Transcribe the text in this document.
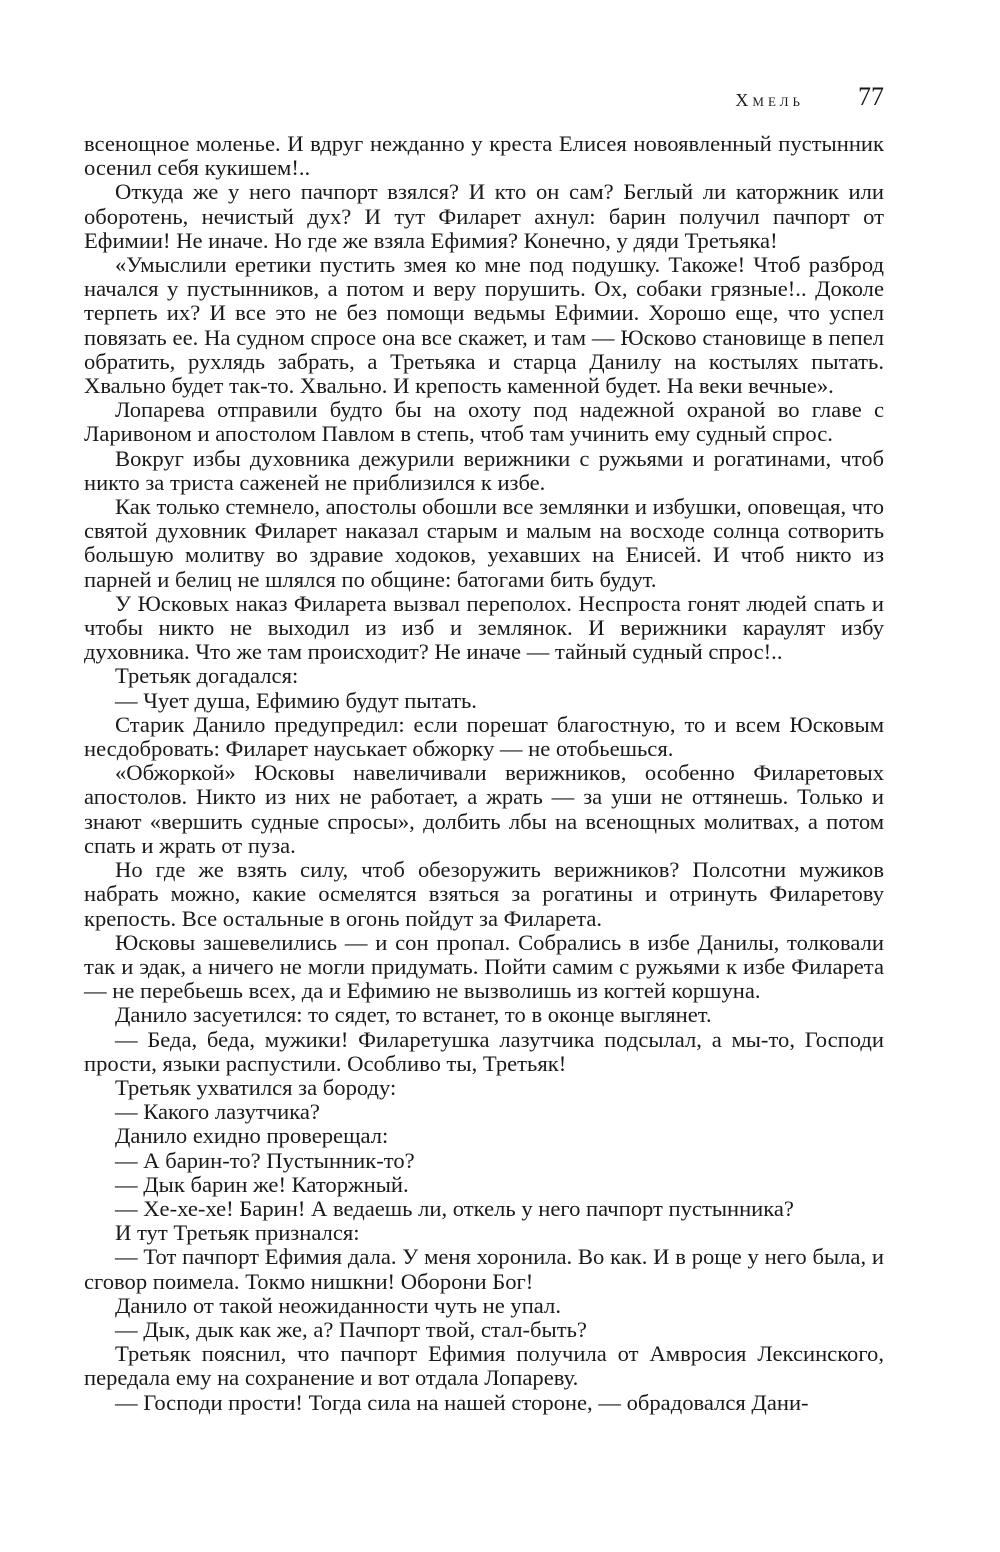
Хмель 77

всенощное моленье. И вдруг нежданно у креста Елисея новоявленный пустынник осенил себя кукишем!..

Откуда же у него пачпорт взялся? И кто он сам? Беглый ли каторжник или оборотень, нечистый дух? И тут Филарет ахнул: барин получил пачпорт от Ефимии! Не иначе. Но где же взяла Ефимия? Конечно, у дяди Третьяка!

«Умыслили еретики пустить змея ко мне под подушку. Такоже! Чтоб разброд начался у пустынников, а потом и веру порушить. Ох, собаки грязные!.. Доколе терпеть их? И все это не без помощи ведьмы Ефимии. Хорошо еще, что успел повязать ее. На судном спросе она все скажет, и там — Юсково становище в пепел обратить, рухлядь забрать, а Третьяка и старца Данилу на костылях пытать. Хвально будет так-то. Хвально. И крепость каменной будет. На веки вечные».

Лопарева отправили будто бы на охоту под надежной охраной во главе с Ларивоном и апостолом Павлом в степь, чтоб там учинить ему судный спрос.

Вокруг избы духовника дежурили верижники с ружьями и рогатинами, чтоб никто за триста саженей не приблизился к избе.

Как только стемнело, апостолы обошли все землянки и избушки, оповещая, что святой духовник Филарет наказал старым и малым на восходе солнца сотворить большую молитву во здравие ходоков, уехавших на Енисей. И чтоб никто из парней и белиц не шлялся по общине: батогами бить будут.

У Юсковых наказ Филарета вызвал переполох. Неспроста гонят людей спать и чтобы никто не выходил из изб и землянок. И верижники караулят избу духовника. Что же там происходит? Не иначе — тайный судный спрос!..

Третьяк догадался:

— Чует душа, Ефимию будут пытать.

Старик Данило предупредил: если порешат благостную, то и всем Юсковым несдобровать: Филарет науськает обжорку — не отобьешься.

«Обжоркой» Юсковы навеличивали верижников, особенно Филаретовых апостолов. Никто из них не работает, а жрать — за уши не оттянешь. Только и знают «вершить судные спросы», долбить лбы на всенощных молитвах, а потом спать и жрать от пуза.

Но где же взять силу, чтоб обезоружить верижников? Полсотни мужиков набрать можно, какие осмелятся взяться за рогатины и отринуть Филаретову крепость. Все остальные в огонь пойдут за Филарета.

Юсковы зашевелились — и сон пропал. Собрались в избе Данилы, толковали так и эдак, а ничего не могли придумать. Пойти самим с ружьями к избе Филарета — не перебьешь всех, да и Ефимию не вызволишь из когтей коршуна.

Данило засуетился: то сядет, то встанет, то в оконце выглянет.

— Беда, беда, мужики! Филаретушка лазутчика подсылал, а мы-то, Господи прости, языки распустили. Особливо ты, Третьяк!

Третьяк ухватился за бороду:

— Какого лазутчика?

Данило ехидно проверещал:

— А барин-то? Пустынник-то?

— Дык барин же! Каторжный.

— Хе-хе-хе! Барин! А ведаешь ли, откель у него пачпорт пустынника?

И тут Третьяк признался:

— Тот пачпорт Ефимия дала. У меня хоронила. Во как. И в роще у него была, и сговор поимела. Токмо нишкни! Оборони Бог!

Данило от такой неожиданности чуть не упал.

— Дык, дык как же, а? Пачпорт твой, стал-быть?

Третьяк пояснил, что пачпорт Ефимия получила от Амвросия Лексинского, передала ему на сохранение и вот отдала Лопареву.

— Господи прости! Тогда сила на нашей стороне, — обрадовался Дани-
